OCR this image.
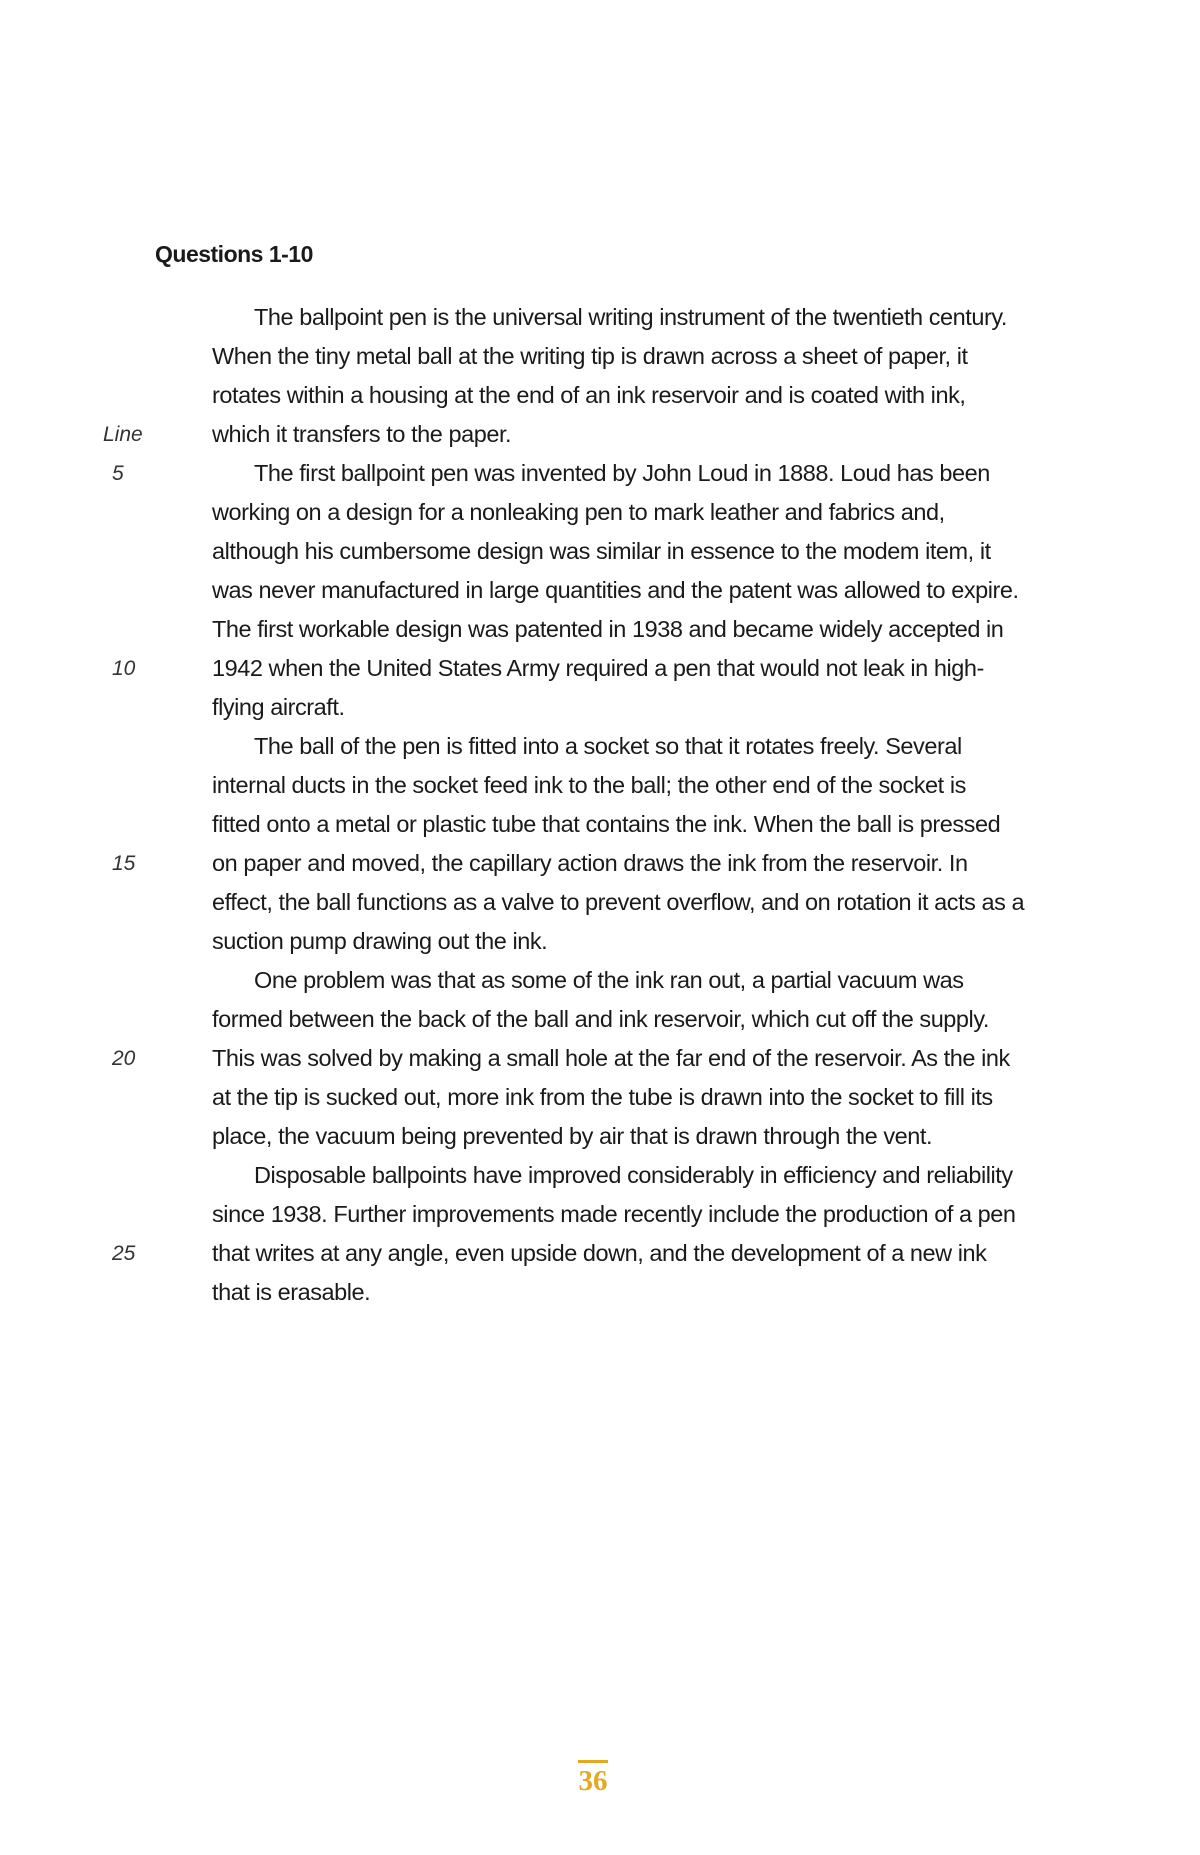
Questions 1-10
The ballpoint pen is the universal writing instrument of the twentieth century.
When the tiny metal ball at the writing tip is drawn across a sheet of paper, it
rotates within a housing at the end of an ink reservoir and is coated with ink,
which it transfers to the paper.
The first ballpoint pen was invented by John Loud in 1888. Loud has been
working on a design for a nonleaking pen to mark leather and fabrics and,
although his cumbersome design was similar in essence to the modem item, it
was never manufactured in large quantities and the patent was allowed to expire.
The first workable design was patented in 1938 and became widely accepted in
1942 when the United States Army required a pen that would not leak in high-
flying aircraft.
The ball of the pen is fitted into a socket so that it rotates freely. Several
internal ducts in the socket feed ink to the ball; the other end of the socket is
fitted onto a metal or plastic tube that contains the ink. When the ball is pressed
on paper and moved, the capillary action draws the ink from the reservoir. In
effect, the ball functions as a valve to prevent overflow, and on rotation it acts as a
suction pump drawing out the ink.
One problem was that as some of the ink ran out, a partial vacuum was
formed between the back of the ball and ink reservoir, which cut off the supply.
This was solved by making a small hole at the far end of the reservoir. As the ink
at the tip is sucked out, more ink from the tube is drawn into the socket to fill its
place, the vacuum being prevented by air that is drawn through the vent.
Disposable ballpoints have improved considerably in efficiency and reliability
since 1938. Further improvements made recently include the production of a pen
that writes at any angle, even upside down, and the development of a new ink
that is erasable.
Line
5
10
15
20
25
36
